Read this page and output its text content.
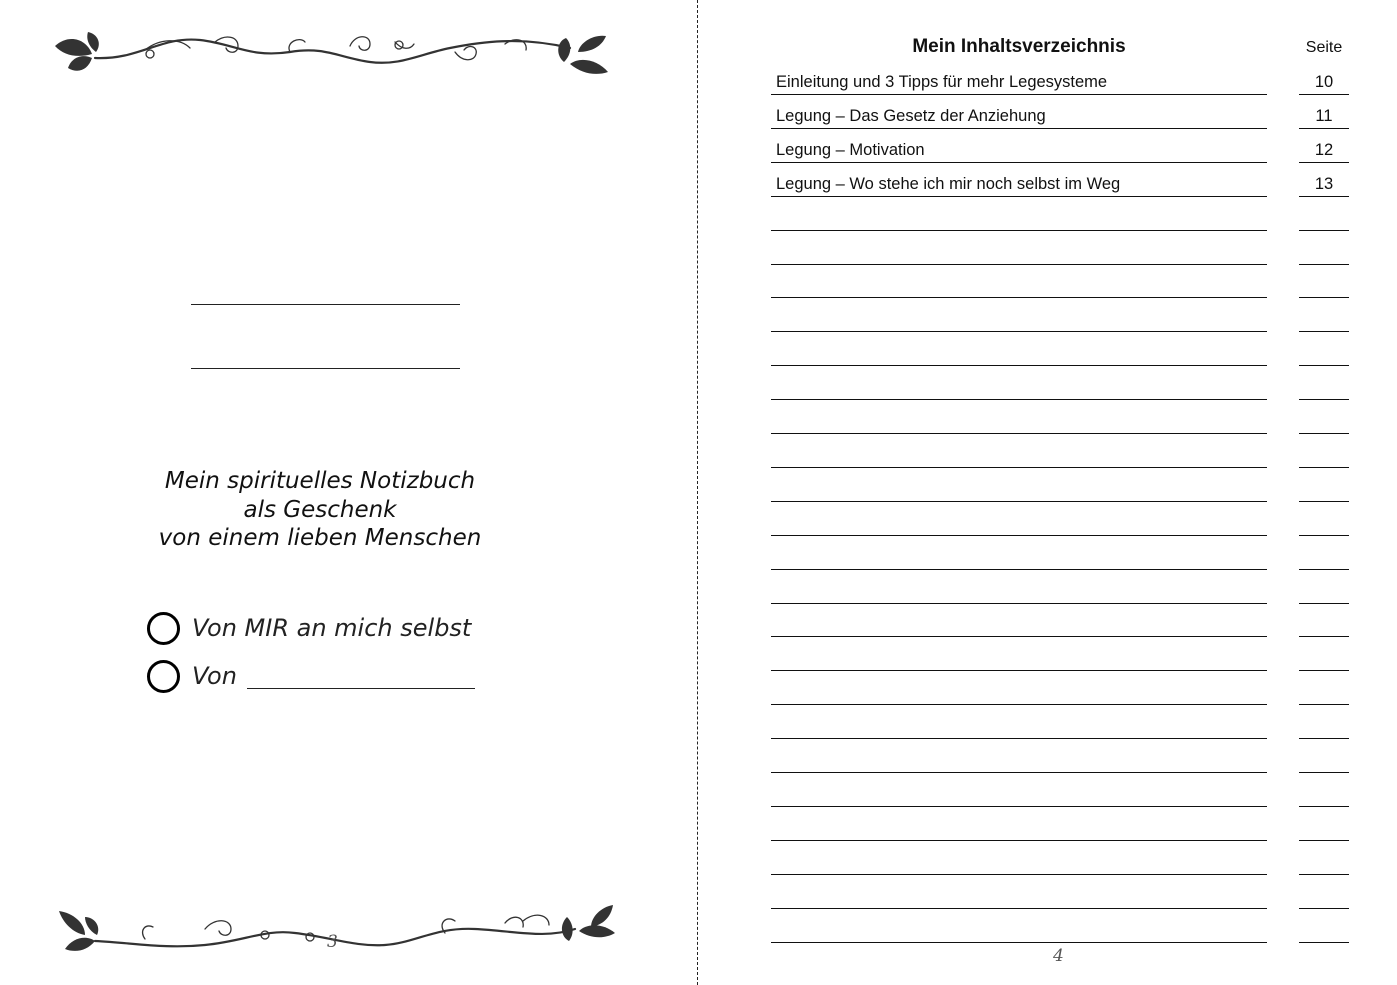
Mein spirituelles Notizbuch
als Geschenk
von einem lieben Menschen
Von MIR an mich selbst
Von
3
Mein Inhaltsverzeichnis	Seite
Einleitung und 3 Tipps für mehr Legesysteme	10
Legung – Das Gesetz der Anziehung	11
Legung – Motivation	12
Legung – Wo stehe ich mir noch selbst im Weg	13
4
